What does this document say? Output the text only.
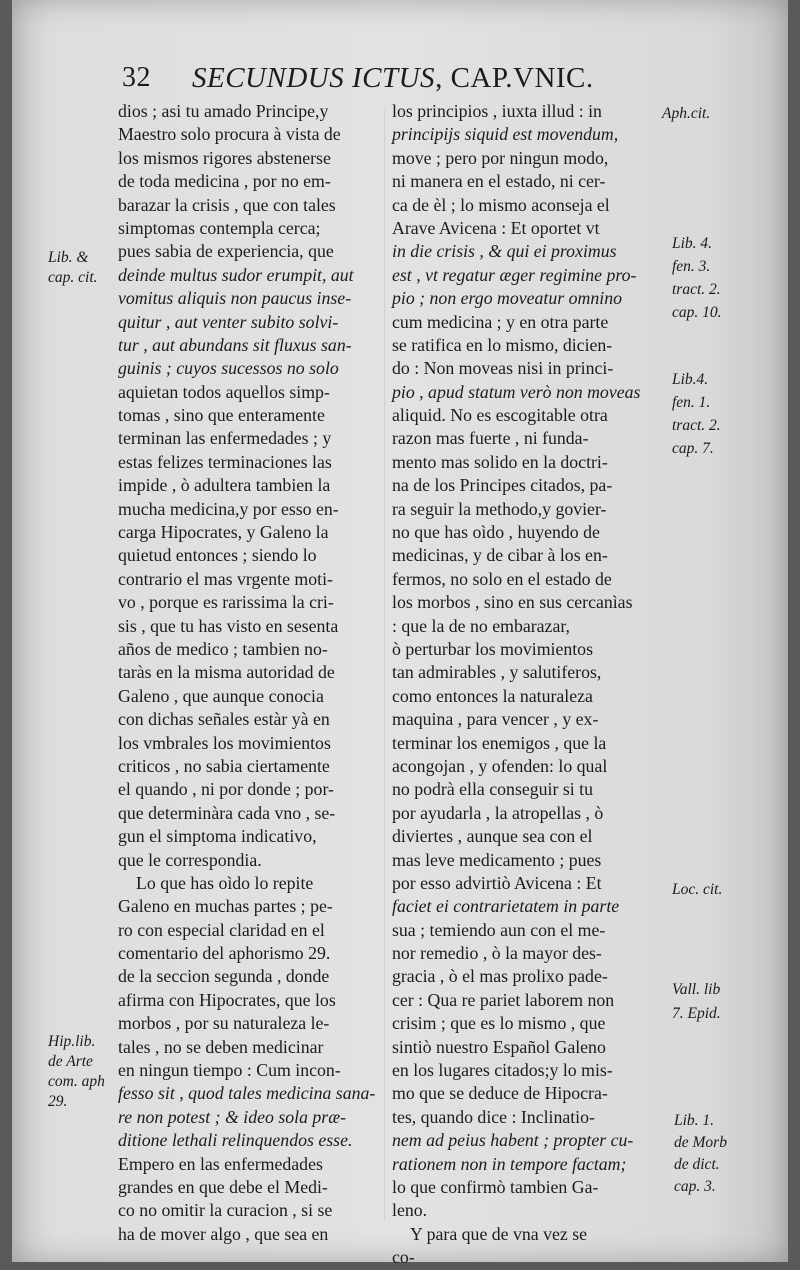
32 SECUNDUS ICTUS, CAP.VNIC.
dios ; asi tu amado Principe,y
Maestro solo procura à vista de
los mismos rigores abstenerse
de toda medicina , por no em-
barazar la crisis , que con tales
simptomas contempla cerca;
pues sabia de experiencia, que
deinde multus sudor erumpit, aut
vomitus aliquis non paucus inse-
quitur , aut venter subito solvi-
tur , aut abundans sit fluxus san-
guinis ; cuyos sucessos no solo
aquietan todos aquellos simp-
tomas , sino que enteramente
terminan las enfermedades ; y
estas felizes terminaciones las
impide , ò adultera tambien la
mucha medicina,y por esso en-
carga Hipocrates, y Galeno la
quietud entonces ; siendo lo
contrario el mas vrgente moti-
vo , porque es rarissima la cri-
sis , que tu has visto en sesenta
años de medico ; tambien no-
taràs en la misma autoridad de
Galeno , que aunque conocia
con dichas señales estàr yà en
los vmbrales los movimientos
criticos , no sabia ciertamente
el quando , ni por donde ; por-
que determinàra cada vno , se-
gun el simptoma indicativo,
que le correspondia.
Lo que has oìdo lo repite
Galeno en muchas partes ; pe-
ro con especial claridad en el
comentario del aphorismo 29.
de la seccion segunda , donde
afirma con Hipocrates, que los
morbos , por su naturaleza le-
tales , no se deben medicinar
en ningun tiempo : Cum incon-
fesso sit , quod tales medicina sana-
re non potest ; & ideo sola præ-
ditione lethali relinquendos esse.
Empero en las enfermedades
grandes en que debe el Medi-
co no omitir la curacion , si se
ha de mover algo , que sea en
los principios , iuxta illud : in
principijs siquid est movendum,
move ; pero por ningun modo,
ni manera en el estado, ni cer-
ca de èl ; lo mismo aconseja el
Arave Avicena : Et oportet vt
in die crisis , & qui ei proximus
est , vt regatur æger regimine pro-
pio ; non ergo moveatur omnino
cum medicina ; y en otra parte
se ratifica en lo mismo, dicien-
do : Non moveas nisi in princi-
pio , apud statum verò non moveas
aliquid. No es escogitable otra
razon mas fuerte , ni funda-
mento mas solido en la doctri-
na de los Principes citados, pa-
ra seguir la methodo,y govier-
no que has oìdo , huyendo de
medicinas, y de cibar à los en-
fermos, no solo en el estado de
los morbos , sino en sus cercanìas
: que la de no embarazar,
ò perturbar los movimientos
tan admirables , y salutiferos,
como entonces la naturaleza
maquina , para vencer , y ex-
terminar los enemigos , que la
acongojan , y ofenden: lo qual
no podrà ella conseguir si tu
por ayudarla , la atropellas , ò
diviertes , aunque sea con el
mas leve medicamento ; pues
por esso advirtiò Avicena : Et
faciet ei contrarietatem in parte
sua ; temiendo aun con el me-
nor remedio , ò la mayor des-
gracia , ò el mas prolixo pade-
cer : Qua re pariet laborem non
crisim ; que es lo mismo , que
sintiò nuestro Español Galeno
en los lugares citados;y lo mis-
mo que se deduce de Hipocra-
tes, quando dice : Inclinatio-
nem ad peius habent ; propter cu-
rationem non in tempore factam;
lo que confirmò tambien Ga-
leno.
Y para que de vna vez se
co-
Lib. &
cap. cit.
Hip.lib.
de Arte
com. aph
29.
Aph.cit.
Lib. 4.
fen. 3.
tract. 2.
cap. 10.
Lib.4.
fen. 1.
tract. 2.
cap. 7.
Loc. cit.
Vall. lib
7. Epid.
Lib. 1.
de Morb
de dict.
cap. 3.
